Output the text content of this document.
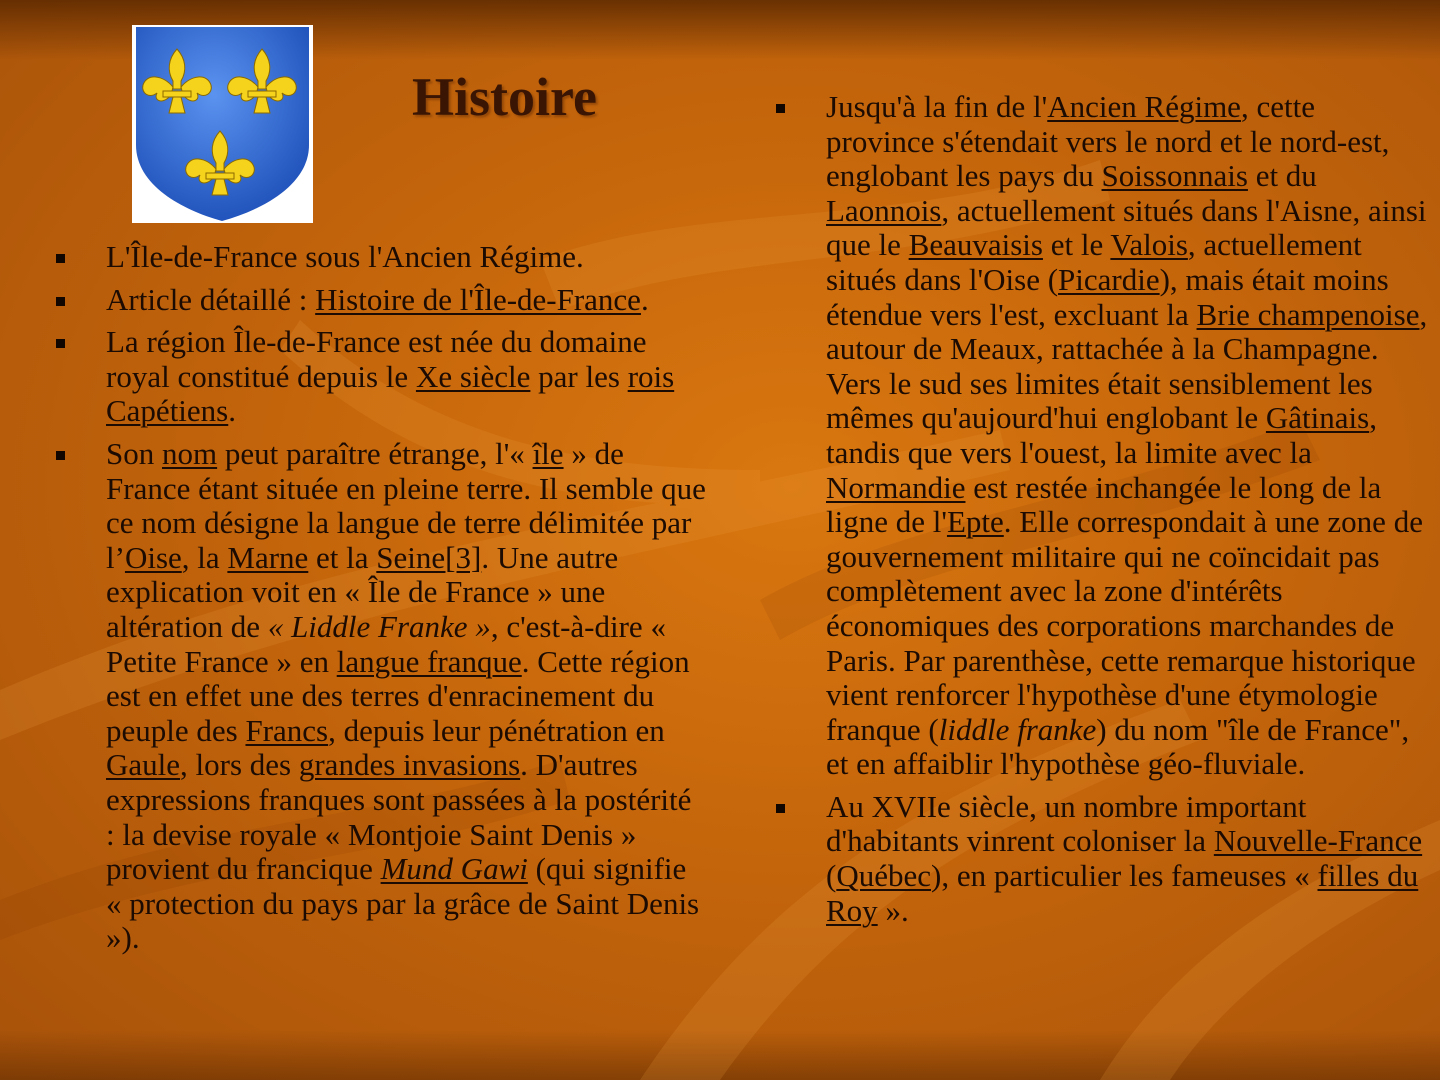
Histoire
L'Île-de-France sous l'Ancien Régime.
Article détaillé : Histoire de l'Île-de-France.
La région Île-de-France est née du domaine royal constitué depuis le Xe siècle par les rois Capétiens.
Son nom peut paraître étrange, l'« île » de France étant située en pleine terre. Il semble que ce nom désigne la langue de terre délimitée par l’Oise, la Marne et la Seine[3]. Une autre explication voit en « Île de France » une altération de « Liddle Franke », c'est-à-dire « Petite France » en langue franque. Cette région est en effet une des terres d'enracinement du peuple des Francs, depuis leur pénétration en Gaule, lors des grandes invasions. D'autres expressions franques sont passées à la postérité : la devise royale « Montjoie Saint Denis » provient du francique Mund Gawi (qui signifie « protection du pays par la grâce de Saint Denis »).
Jusqu'à la fin de l'Ancien Régime, cette province s'étendait vers le nord et le nord-est, englobant les pays du Soissonnais et du Laonnois, actuellement situés dans l'Aisne, ainsi que le Beauvaisis et le Valois, actuellement situés dans l'Oise (Picardie), mais était moins étendue vers l'est, excluant la Brie champenoise, autour de Meaux, rattachée à la Champagne. Vers le sud ses limites était sensiblement les mêmes qu'aujourd'hui englobant le Gâtinais, tandis que vers l'ouest, la limite avec la Normandie est restée inchangée le long de la ligne de l'Epte. Elle correspondait à une zone de gouvernement militaire qui ne coïncidait pas complètement avec la zone d'intérêts économiques des corporations marchandes de Paris. Par parenthèse, cette remarque historique vient renforcer l'hypothèse d'une étymologie franque (liddle franke) du nom "île de France", et en affaiblir l'hypothèse géo-fluviale.
Au XVIIe siècle, un nombre important d'habitants vinrent coloniser la Nouvelle-France (Québec), en particulier les fameuses « filles du Roy ».
